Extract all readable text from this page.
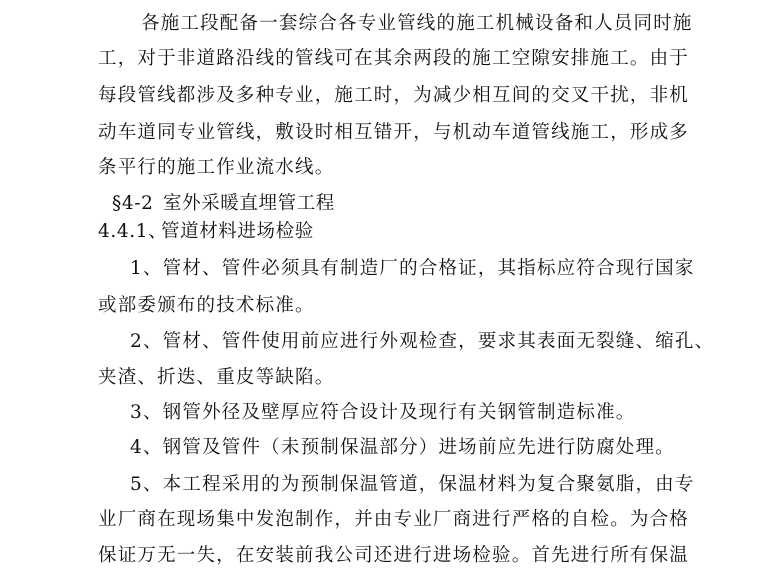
各施工段配备一套综合各专业管线的施工机械设备和人员同时施
工，对于非道路沿线的管线可在其余两段的施工空隙安排施工。由于
每段管线都涉及多种专业，施工时，为减少相互间的交叉干扰，非机
动车道同专业管线，敷设时相互错开，与机动车道管线施工，形成多
条平行的施工作业流水线。
§4-2 室外采暖直埋管工程
4.4.1、
管道材料进场检验
1、管材、管件必须具有制造厂的合格证，其指标应符合现行国家
或部委颁布的技术标准。
2、管材、管件使用前应进行外观检查，要求其表面无裂缝、缩孔、
夹渣、折迭、重皮等缺陷。
3、钢管外径及壁厚应符合设计及现行有关钢管制造标准。
4、钢管及管件（未预制保温部分）进场前应先进行防腐处理。
5、本工程采用的为预制保温管道，保温材料为复合聚氨脂，由专
业厂商在现场集中发泡制作，并由专业厂商进行严格的自检。为合格
保证万无一失，在安装前我公司还进行进场检验。首先进行所有保温
